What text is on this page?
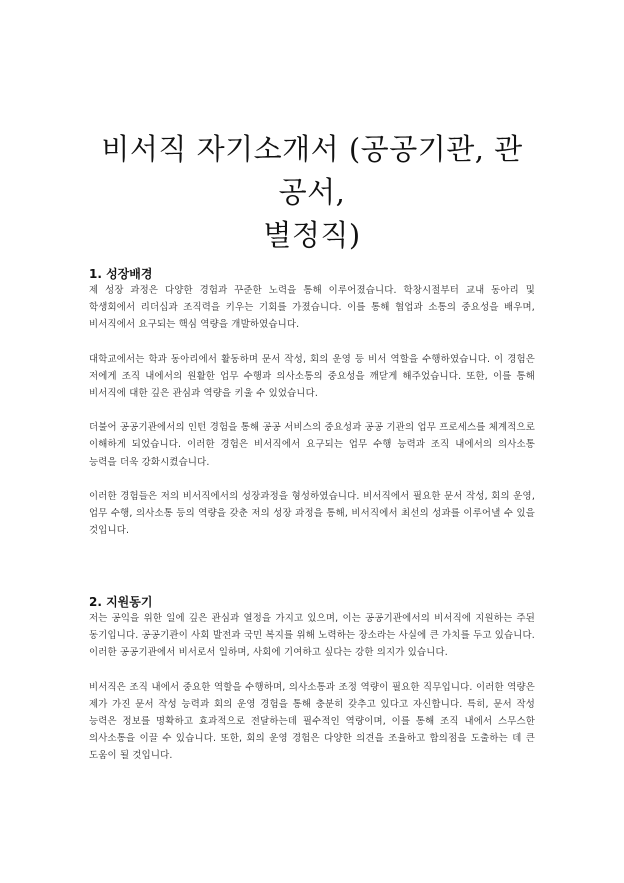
비서직 자기소개서 (공공기관, 관공서,
별정직)
1. 성장배경

제 성장 과정은 다양한 경험과 꾸준한 노력을 통해 이루어졌습니다. 학창시절부터 교내 동아리 및 학생회에서 리더십과 조직력을 키우는 기회를 가졌습니다. 이를 통해 협업과 소통의 중요성을 배우며, 비서직에서 요구되는 핵심 역량을 개발하였습니다.

대학교에서는 학과 동아리에서 활동하며 문서 작성, 회의 운영 등 비서 역할을 수행하였습니다. 이 경험은 저에게 조직 내에서의 원활한 업무 수행과 의사소통의 중요성을 깨닫게 해주었습니다. 또한, 이를 통해 비서직에 대한 깊은 관심과 역량을 키울 수 있었습니다.

더불어 공공기관에서의 인턴 경험을 통해 공공 서비스의 중요성과 공공 기관의 업무 프로세스를 체계적으로 이해하게 되었습니다. 이러한 경험은 비서직에서 요구되는 업무 수행 능력과 조직 내에서의 의사소통 능력을 더욱 강화시켰습니다.

이러한 경험들은 저의 비서직에서의 성장과정을 형성하였습니다. 비서직에서 필요한 문서 작성, 회의 운영, 업무 수행, 의사소통 등의 역량을 갖춘 저의 성장 과정을 통해, 비서직에서 최선의 성과를 이루어낼 수 있을 것입니다.

2. 지원동기

저는 공익을 위한 일에 깊은 관심과 열정을 가지고 있으며, 이는 공공기관에서의 비서직에 지원하는 주된 동기입니다. 공공기관이 사회 발전과 국민 복지를 위해 노력하는 장소라는 사실에 큰 가치를 두고 있습니다. 이러한 공공기관에서 비서로서 일하며, 사회에 기여하고 싶다는 강한 의지가 있습니다.

비서직은 조직 내에서 중요한 역할을 수행하며, 의사소통과 조정 역량이 필요한 직무입니다. 이러한 역량은 제가 가진 문서 작성 능력과 회의 운영 경험을 통해 충분히 갖추고 있다고 자신합니다. 특히, 문서 작성 능력은 정보를 명확하고 효과적으로 전달하는데 필수적인 역량이며, 이를 통해 조직 내에서 스무스한 의사소통을 이끌 수 있습니다. 또한, 회의 운영 경험은 다양한 의견을 조율하고 합의점을 도출하는 데 큰 도움이 될 것입니다.
